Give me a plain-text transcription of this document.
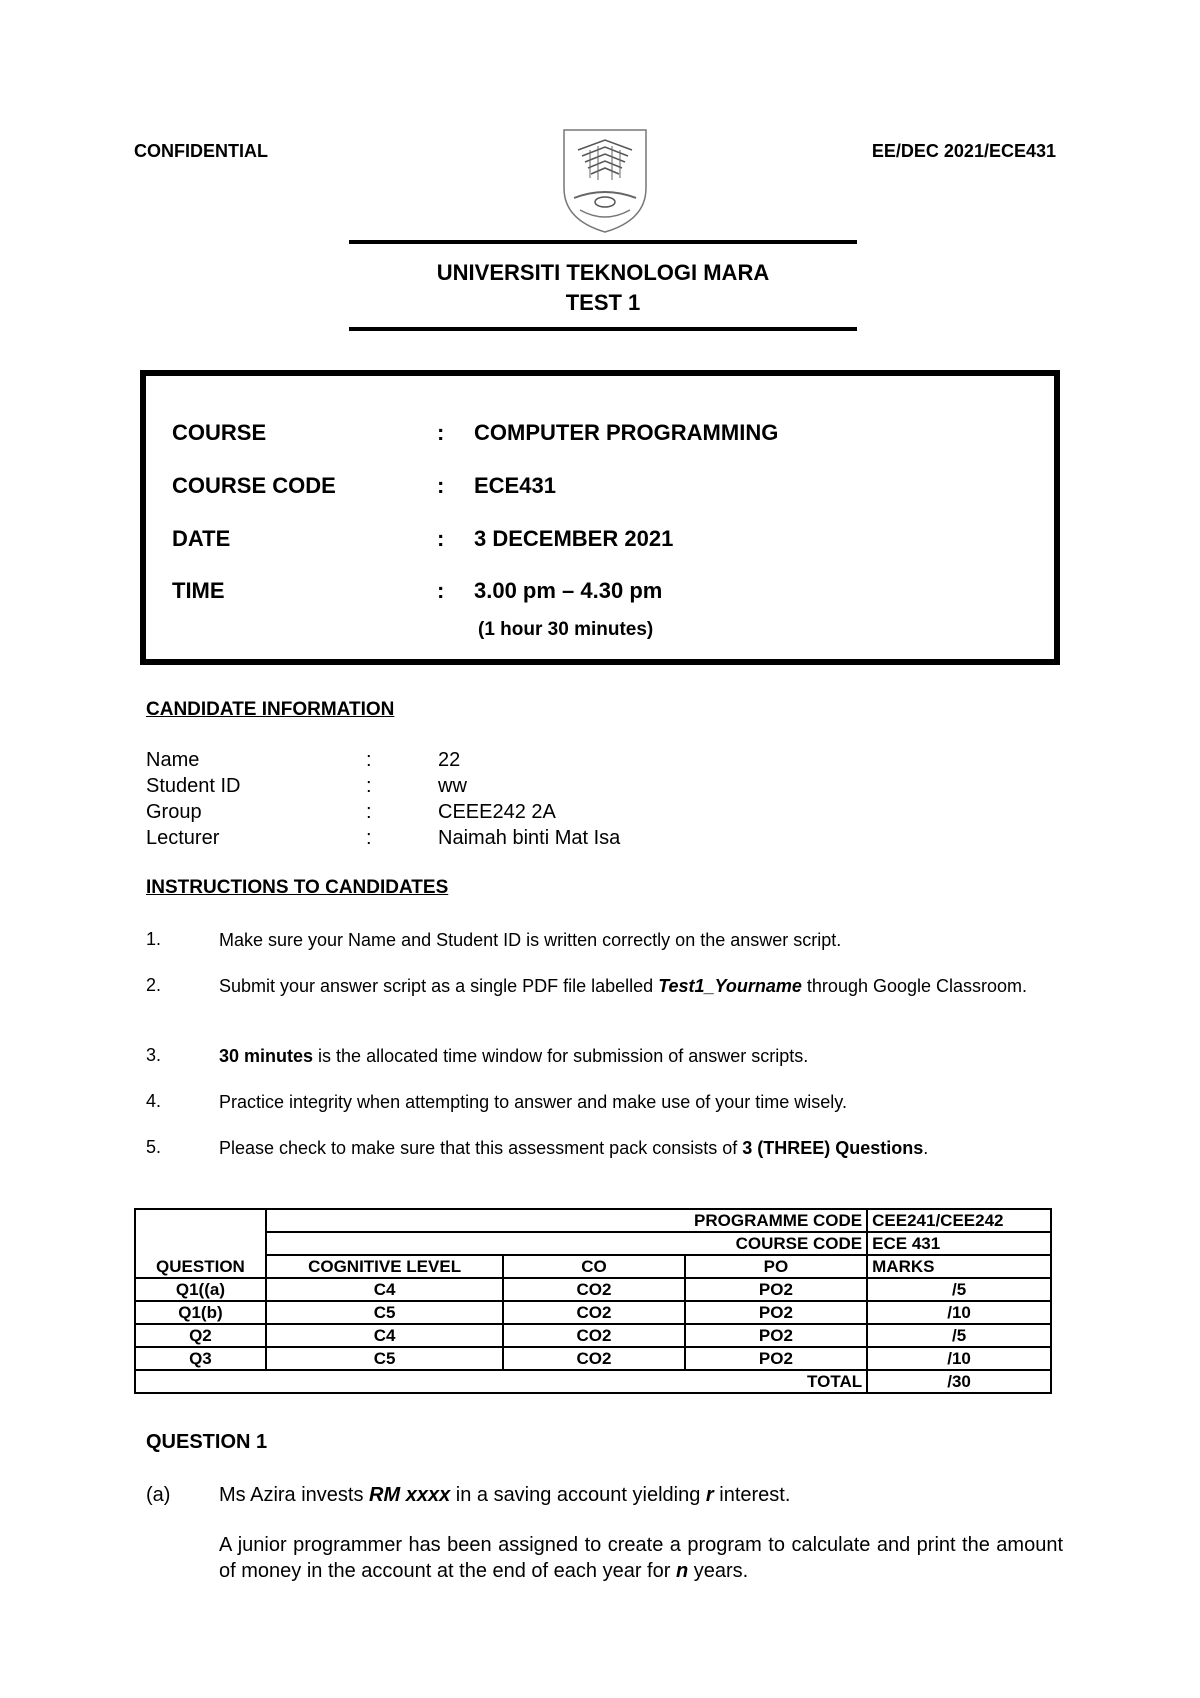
CONFIDENTIAL	EE/DEC 2021/ECE431
UNIVERSITI TEKNOLOGI MARA
TEST 1
COURSE	: COMPUTER PROGRAMMING
COURSE CODE	: ECE431
DATE	: 3 DECEMBER 2021
TIME	: 3.00 pm – 4.30 pm
(1 hour 30 minutes)
CANDIDATE INFORMATION
Name	:	22
Student ID	:	ww
Group	:	CEEE242 2A
Lecturer	:	Naimah binti Mat Isa
INSTRUCTIONS TO CANDIDATES
1.	Make sure your Name and Student ID is written correctly on the answer script.
2.	Submit your answer script as a single PDF file labelled Test1_Yourname through Google Classroom.
3.	30 minutes is the allocated time window for submission of answer scripts.
4.	Practice integrity when attempting to answer and make use of your time wisely.
5.	Please check to make sure that this assessment pack consists of 3 (THREE) Questions.
QUESTION	PROGRAMME CODE			CEE241/CEE242
	COURSE CODE			ECE 431
	COGNITIVE LEVEL	CO	PO	MARKS
Q1((a)	C4	CO2	PO2	/5
Q1(b)	C5	CO2	PO2	/10
Q2	C4	CO2	PO2	/5
Q3	C5	CO2	PO2	/10
TOTAL				/30
QUESTION 1
(a) Ms Azira invests RM xxxx in a saving account yielding r interest.
A junior programmer has been assigned to create a program to calculate and print the amount of money in the account at the end of each year for n years.
